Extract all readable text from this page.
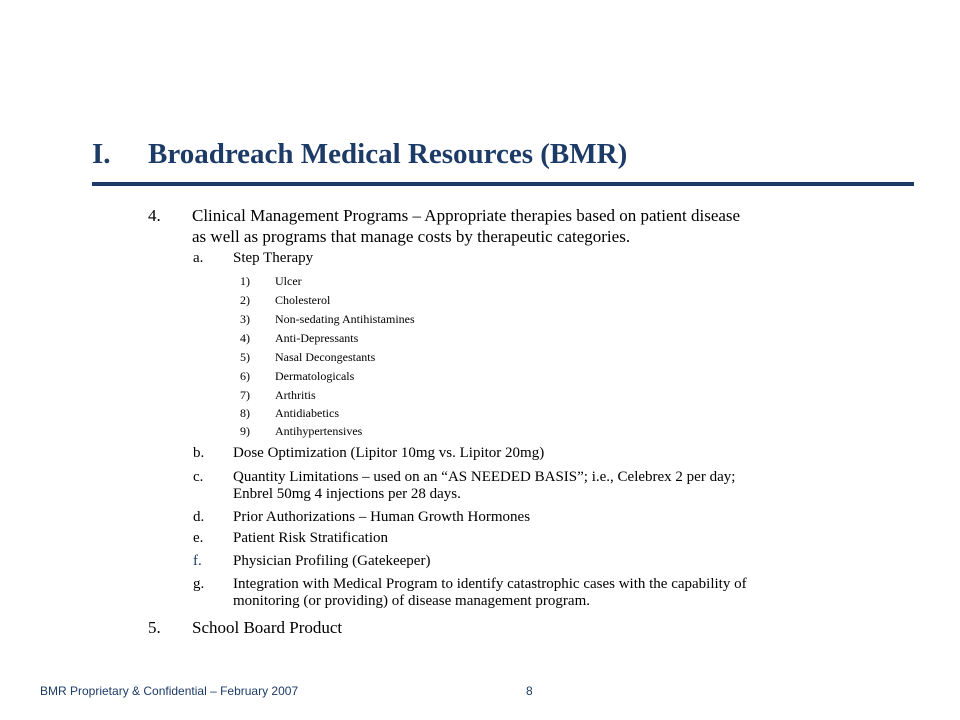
I. Broadreach Medical Resources (BMR)
4. Clinical Management Programs – Appropriate therapies based on patient disease
as well as programs that manage costs by therapeutic categories.
a. Step Therapy
1) Ulcer
2) Cholesterol
3) Non-sedating Antihistamines
4) Anti-Depressants
5) Nasal Decongestants
6) Dermatologicals
7) Arthritis
8) Antidiabetics
9) Antihypertensives
b. Dose Optimization (Lipitor 10mg vs. Lipitor 20mg)
c. Quantity Limitations – used on an “AS NEEDED BASIS”; i.e., Celebrex 2 per day;
Enbrel 50mg 4 injections per 28 days.
d. Prior Authorizations – Human Growth Hormones
e. Patient Risk Stratification
f. Physician Profiling (Gatekeeper)
g. Integration with Medical Program to identify catastrophic cases with the capability of
monitoring (or providing) of disease management program.
5. School Board Product
BMR Proprietary & Confidential – February 2007	8
